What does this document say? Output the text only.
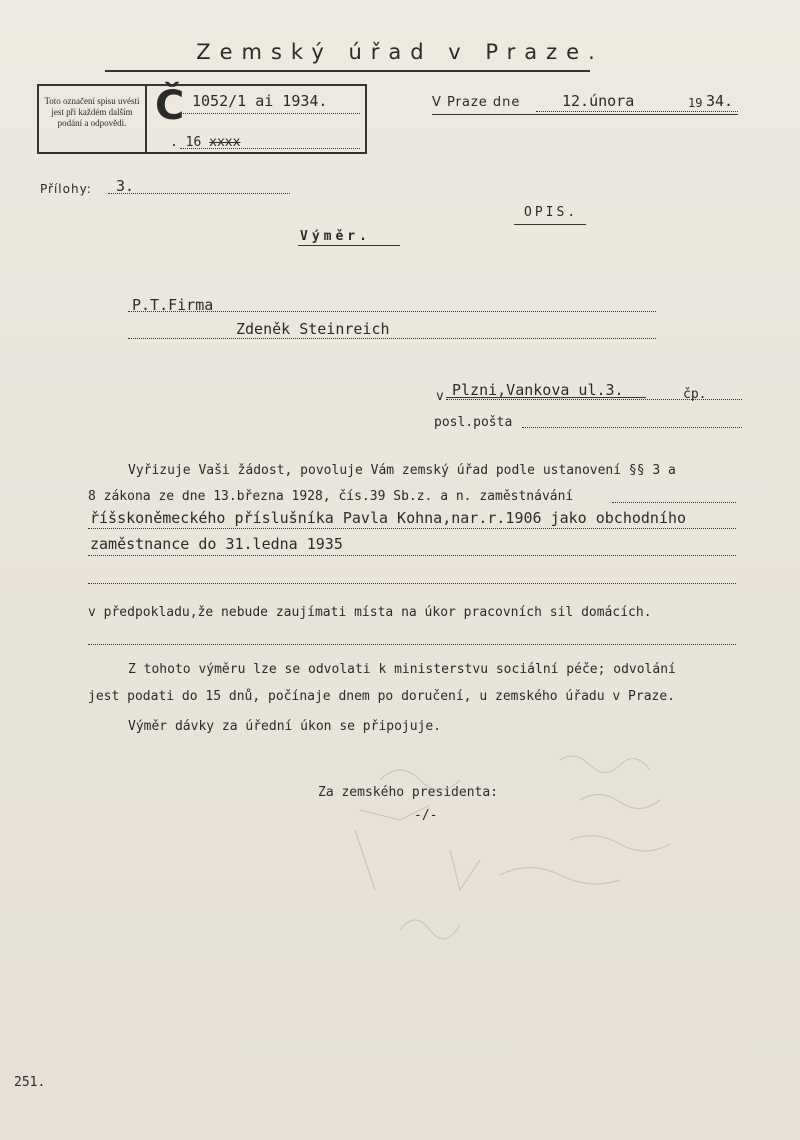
Zemský úřad v Praze.
Toto označení spisu uvésti jest při každém dalším podání a odpovědi. Č 1052/1 ai 1934.
. 16 xxxx
V Praze dne	12.února	19 34.
Přílohy: 3.
OPIS.
Výměr.

P.T.Firma
Zdeněk Steinreich
v Plzni,Vankova ul.3.	čp.
posl.pošta
Vyřizuje Vaši žádost, povoluje Vám zemský úřad podle ustanovení §§ 3 a
8 zákona ze dne 13.března 1928, čís.39 Sb.z. a n. zaměstnávání
říšskoněmeckého příslušníka Pavla Kohna,nar.r.1906 jako obchodního
zaměstnance do 31.ledna 1935
v předpokladu,že nebude zaujímati místa na úkor pracovních sil domácích.
Z tohoto výměru lze se odvolati k ministerstvu sociální péče; odvolání
jest podati do 15 dnů, počínaje dnem po doručení, u zemského úřadu v Praze.
Výměr dávky za úřední úkon se připojuje.
Za zemského presidenta:
-/-
251.
